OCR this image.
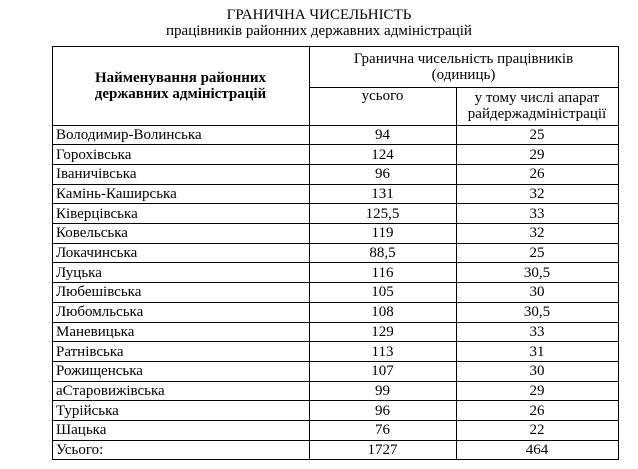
ГРАНИЧНА ЧИСЕЛЬНІСТЬ
працівників районних державних адміністрацій
Найменування районних державних адміністрацій
Гранична чисельність працівників (одиниць)
усього	у тому числі апарат райдержадміністрації
Володимир-Волинська	94	25
Горохівська	124	29
Іваничівська	96	26
Камінь-Каширська	131	32
Ківерцівська	125,5	33
Ковельська	119	32
Локачинська	88,5	25
Луцька	116	30,5
Любешівська	105	30
Любомльська	108	30,5
Маневицька	129	33
Ратнівська	113	31
Рожищенська	107	30
аСтаровижівська	99	29
Турійська	96	26
Шацька	76	22
Усього:	1727	464
